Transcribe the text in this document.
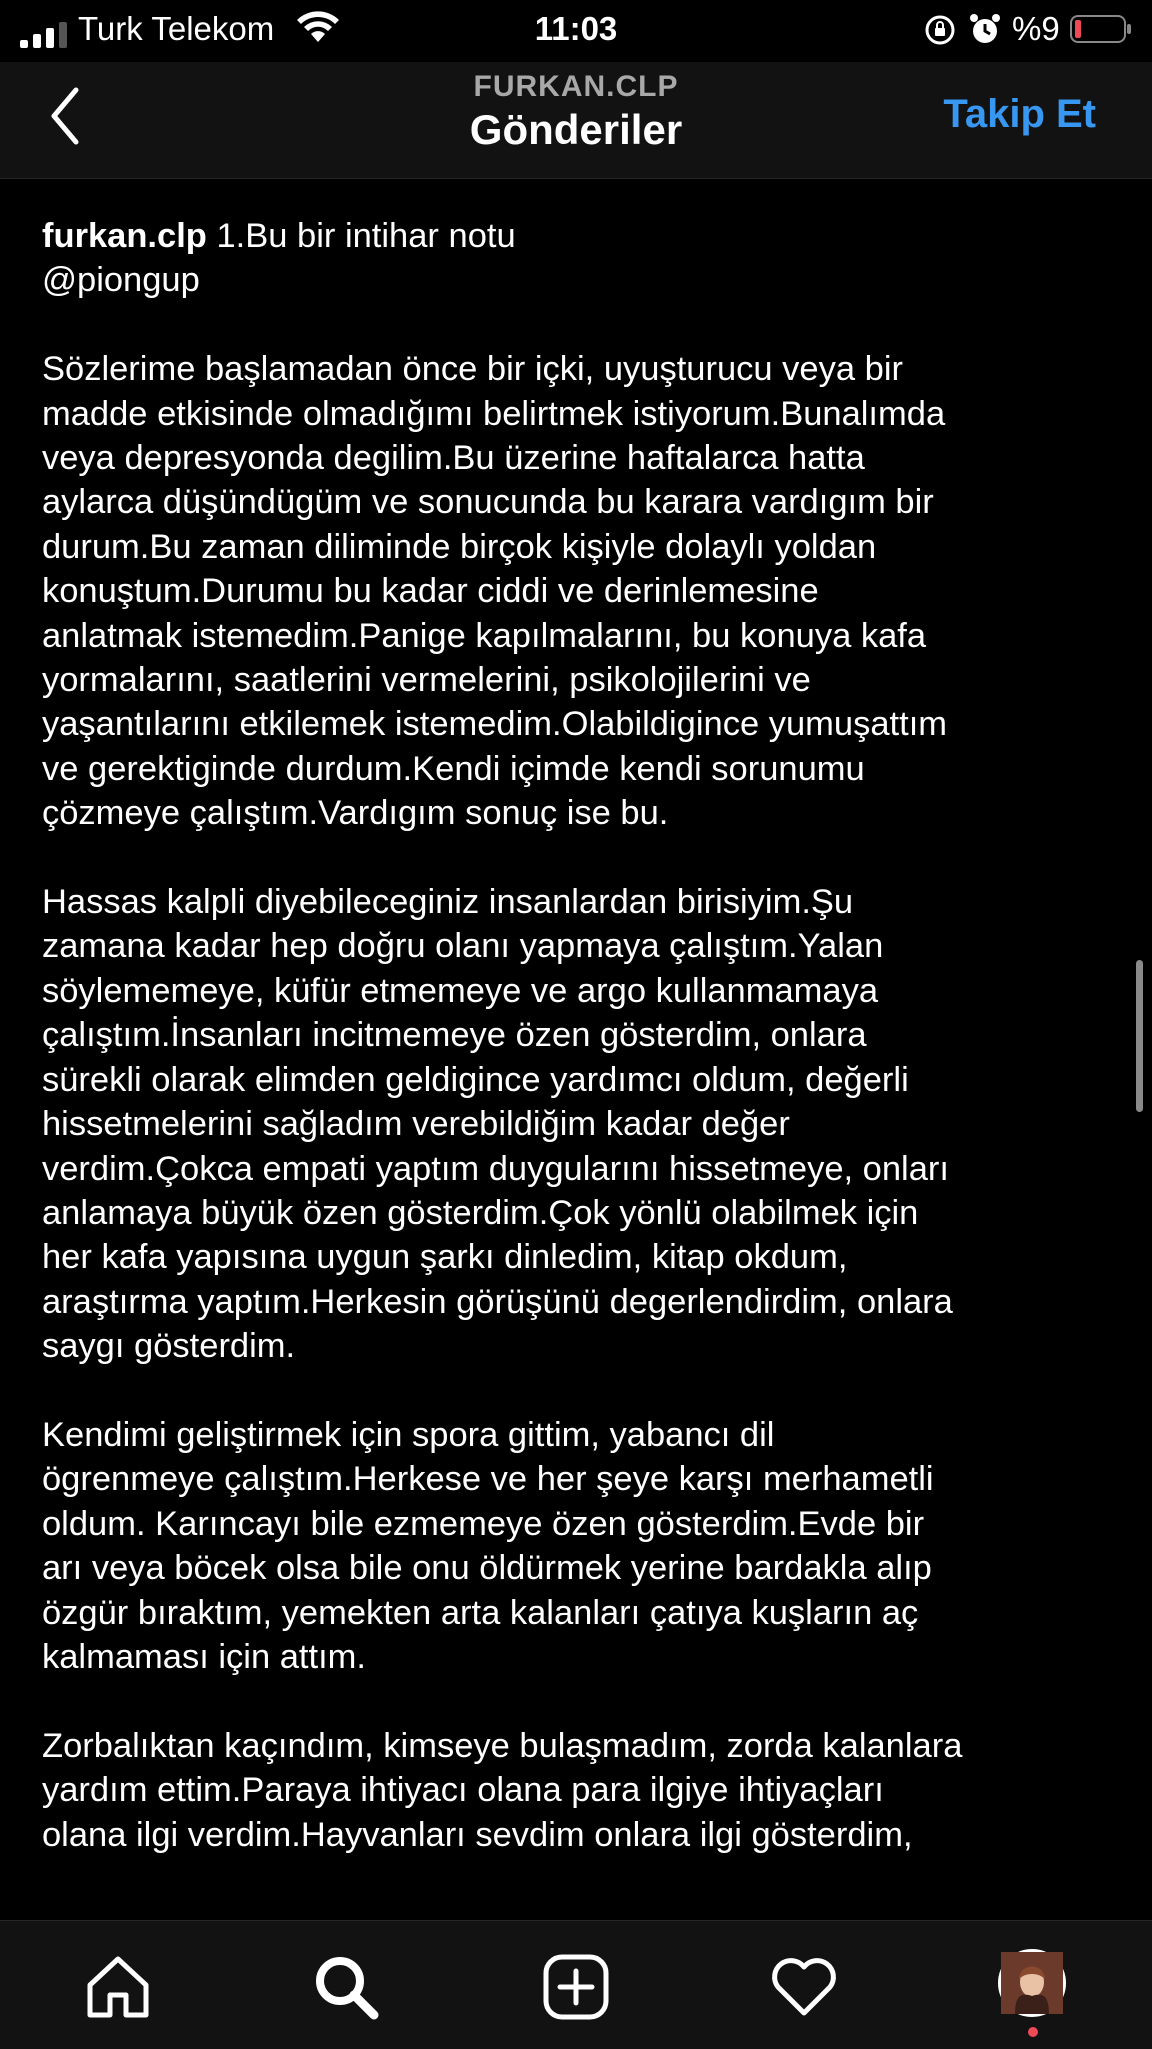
Turk Telekom	11:03	%9
FURKAN.CLP
Gönderiler	Takip Et

furkan.clp 1.Bu bir intihar notu
@piongup

Sözlerime başlamadan önce bir içki, uyuşturucu veya bir
madde etkisinde olmadığımı belirtmek istiyorum.Bunalımda
veya depresyonda degilim.Bu üzerine haftalarca hatta
aylarca düşündügüm ve sonucunda bu karara vardıgım bir
durum.Bu zaman diliminde birçok kişiyle dolaylı yoldan
konuştum.Durumu bu kadar ciddi ve derinlemesine
anlatmak istemedim.Panige kapılmalarını, bu konuya kafa
yormalarını, saatlerini vermelerini, psikolojilerini ve
yaşantılarını etkilemek istemedim.Olabildigince yumuşattım
ve gerektiginde durdum.Kendi içimde kendi sorunumu
çözmeye çalıştım.Vardıgım sonuç ise bu.

Hassas kalpli diyebileceginiz insanlardan birisiyim.Şu
zamana kadar hep doğru olanı yapmaya çalıştım.Yalan
söylememeye, küfür etmemeye ve argo kullanmamaya
çalıştım.İnsanları incitmemeye özen gösterdim, onlara
sürekli olarak elimden geldigince yardımcı oldum, değerli
hissetmelerini sağladım verebildiğim kadar değer
verdim.Çokca empati yaptım duygularını hissetmeye, onları
anlamaya büyük özen gösterdim.Çok yönlü olabilmek için
her kafa yapısına uygun şarkı dinledim, kitap okdum,
araştırma yaptım.Herkesin görüşünü degerlendirdim, onlara
saygı gösterdim.

Kendimi geliştirmek için spora gittim, yabancı dil
ögrenmeye çalıştım.Herkese ve her şeye karşı merhametli
oldum. Karıncayı bile ezmemeye özen gösterdim.Evde bir
arı veya böcek olsa bile onu öldürmek yerine bardakla alıp
özgür bıraktım, yemekten arta kalanları çatıya kuşların aç
kalmaması için attım.

Zorbalıktan kaçındım, kimseye bulaşmadım, zorda kalanlara
yardım ettim.Paraya ihtiyacı olana para ilgiye ihtiyaçları
olana ilgi verdim.Hayvanları sevdim onlara ilgi gösterdim,
